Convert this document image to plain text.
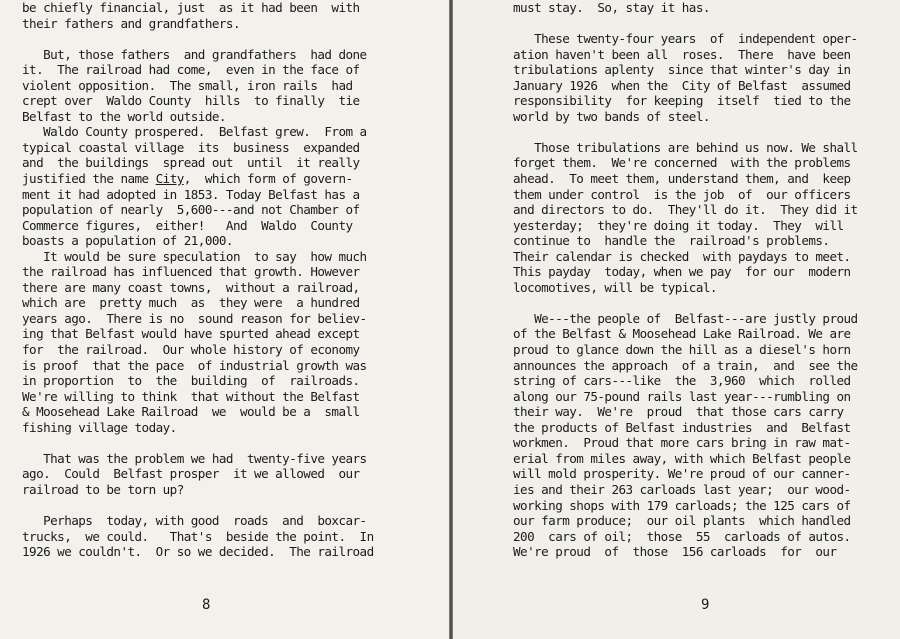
be chiefly financial, just  as it had been  with
their fathers and grandfathers.
But, those fathers  and grandfathers  had done
it.  The railroad had come,  even in the face of
violent opposition.  The small, iron rails  had
crept over  Waldo County  hills  to finally  tie
Belfast to the world outside.
Waldo County prospered.  Belfast grew.  From a
typical coastal village  its  business  expanded
and  the buildings  spread out  until  it really
justified the name City,  which form of govern-
ment it had adopted in 1853. Today Belfast has a
population of nearly  5,600---and not Chamber of
Commerce figures,  either!   And  Waldo  County
boasts a population of 21,000.
It would be sure speculation  to say  how much
the railroad has influenced that growth. However
there are many coast towns,  without a railroad,
which are  pretty much  as  they were  a hundred
years ago.  There is no  sound reason for believ-
ing that Belfast would have spurted ahead except
for  the railroad.  Our whole history of economy
is proof  that the pace  of industrial growth was
in proportion  to  the  building  of  railroads.
We're willing to think  that without the Belfast
& Moosehead Lake Railroad  we  would be a  small
fishing village today.
That was the problem we had  twenty-five years
ago.  Could  Belfast prosper  it we allowed  our
railroad to be torn up?
Perhaps  today, with good  roads  and  boxcar-
trucks,  we could.   That's  beside the point.  In
1926 we couldn't.  Or so we decided.  The railroad
8
must stay.  So, stay it has.
These twenty-four years  of  independent oper-
ation haven't been all  roses.  There  have been
tribulations aplenty  since that winter's day in
January 1926  when the  City of Belfast  assumed
responsibility  for keeping  itself  tied to the
world by two bands of steel.
Those tribulations are behind us now. We shall
forget them.  We're concerned  with the problems
ahead.  To meet them, understand them, and  keep
them under control  is the job  of  our officers
and directors to do.  They'll do it.  They did it
yesterday;  they're doing it today.  They  will
continue to  handle the  railroad's problems.
Their calendar is checked  with paydays to meet.
This payday  today, when we pay  for our  modern
locomotives, will be typical.
We---the people of  Belfast---are justly proud
of the Belfast & Moosehead Lake Railroad. We are
proud to glance down the hill as a diesel's horn
announces the approach  of a train,  and  see the
string of cars---like  the  3,960  which  rolled
along our 75-pound rails last year---rumbling on
their way.  We're  proud  that those cars carry
the products of Belfast industries  and  Belfast
workmen.  Proud that more cars bring in raw mat-
erial from miles away, with which Belfast people
will mold prosperity. We're proud of our canner-
ies and their 263 carloads last year;  our wood-
working shops with 179 carloads; the 125 cars of
our farm produce;  our oil plants  which handled
200  cars of oil;  those  55  carloads of autos.
We're proud  of  those  156 carloads  for  our
9
